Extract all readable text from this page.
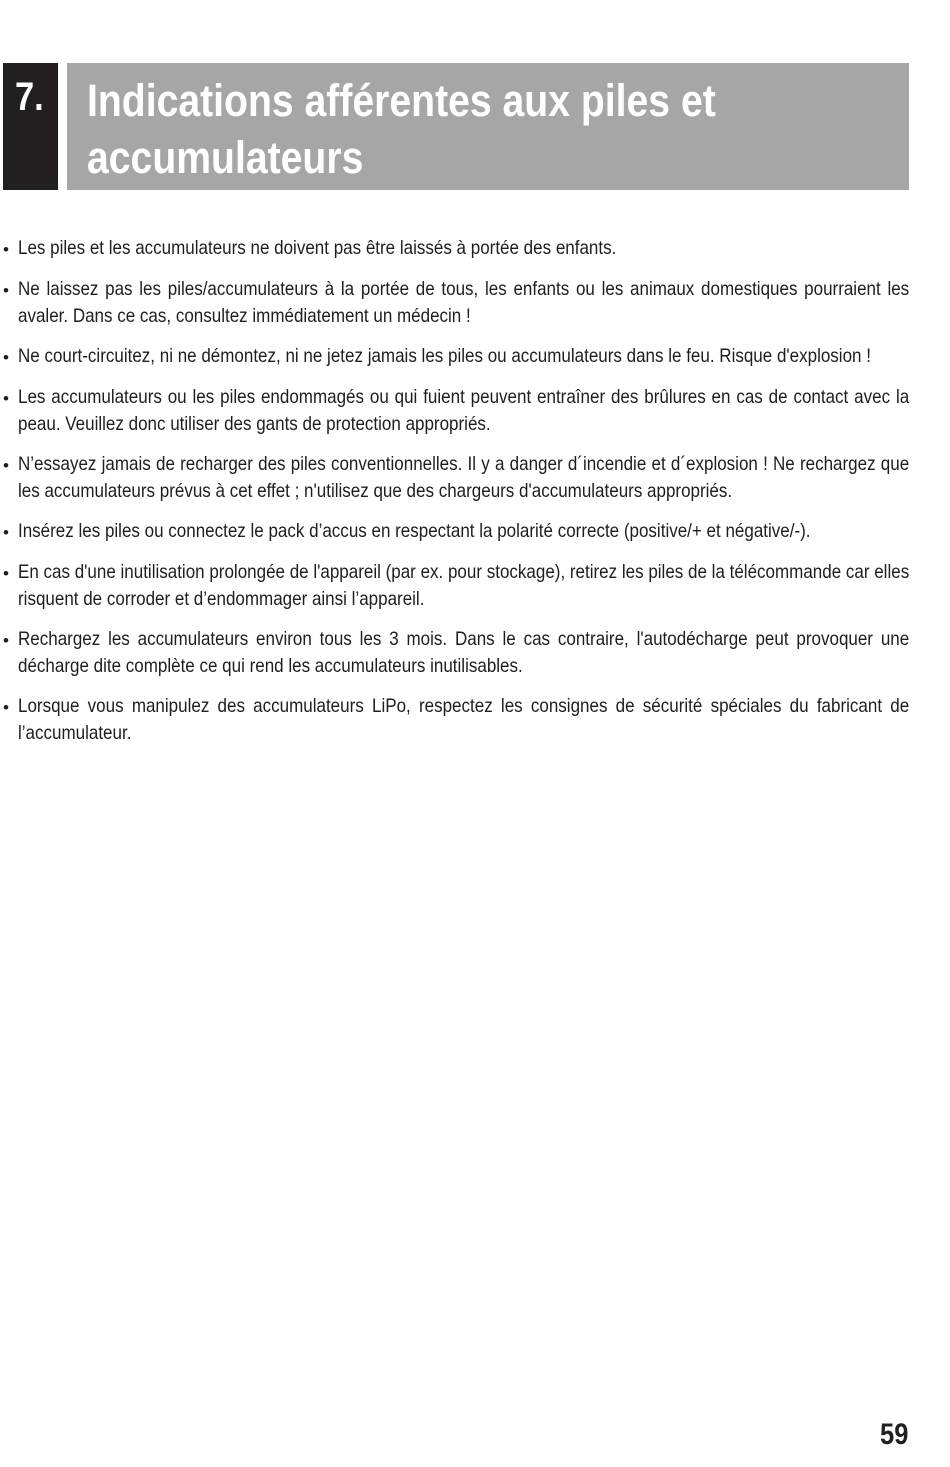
7. Indications afférentes aux piles et accumulateurs
• Les piles et les accumulateurs ne doivent pas être laissés à portée des enfants.
• Ne laissez pas les piles/accumulateurs à la portée de tous, les enfants ou les animaux domestiques pourraient les avaler. Dans ce cas, consultez immédiatement un médecin !
• Ne court-circuitez, ni ne démontez, ni ne jetez jamais les piles ou accumulateurs dans le feu. Risque d'explosion !
• Les accumulateurs ou les piles endommagés ou qui fuient peuvent entraîner des brûlures en cas de contact avec la peau. Veuillez donc utiliser des gants de protection appropriés.
• N’essayez jamais de recharger des piles conventionnelles. Il y a danger d´incendie et d´explosion ! Ne rechargez que les accumulateurs prévus à cet effet ; n'utilisez que des chargeurs d'accumulateurs appropriés.
• Insérez les piles ou connectez le pack d’accus en respectant la polarité correcte (positive/+ et négative/-).
• En cas d'une inutilisation prolongée de l'appareil (par ex. pour stockage), retirez les piles de la télécommande car elles risquent de corroder et d’endommager ainsi l’appareil.
• Rechargez les accumulateurs environ tous les 3 mois. Dans le cas contraire, l'autodécharge peut provoquer une décharge dite complète ce qui rend les accumulateurs inutilisables.
• Lorsque vous manipulez des accumulateurs LiPo, respectez les consignes de sécurité spéciales du fabricant de l’accumulateur.
59
